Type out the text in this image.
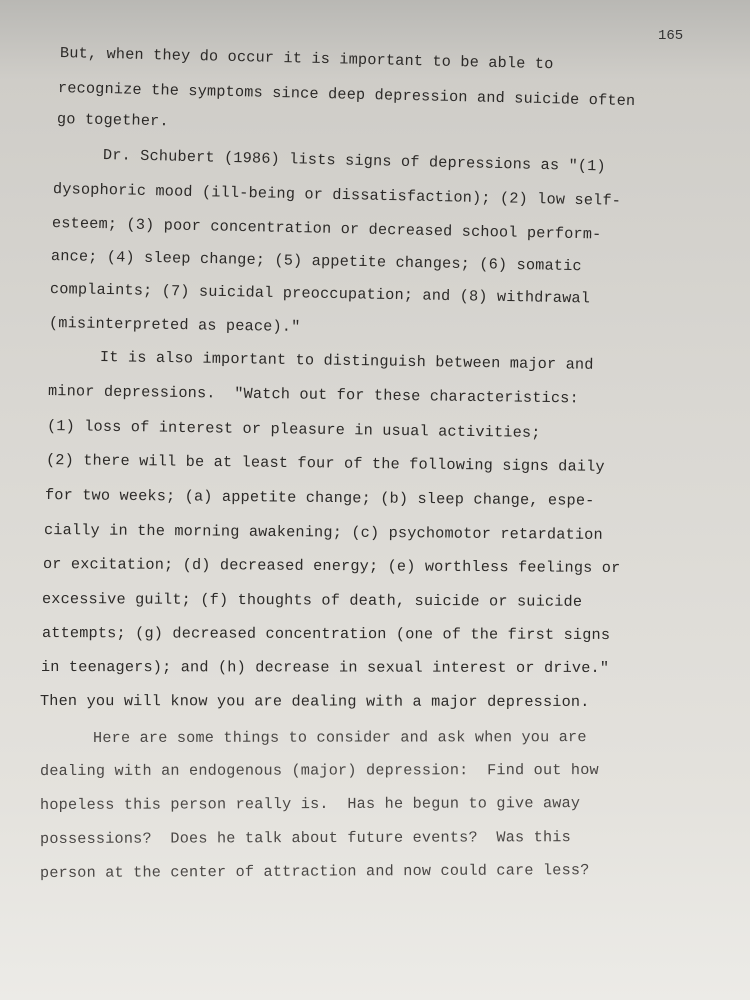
165
But, when they do occur it is important to be able to
recognize the symptoms since deep depression and suicide often
go together.
Dr. Schubert (1986) lists signs of depressions as "(1)
dysophoric mood (ill-being or dissatisfaction); (2) low self-
esteem; (3) poor concentration or decreased school perform-
ance; (4) sleep change; (5) appetite changes; (6) somatic
complaints; (7) suicidal preoccupation; and (8) withdrawal
(misinterpreted as peace)."
It is also important to distinguish between major and
minor depressions.  "Watch out for these characteristics:
(1) loss of interest or pleasure in usual activities;
(2) there will be at least four of the following signs daily
for two weeks; (a) appetite change; (b) sleep change, espe-
cially in the morning awakening; (c) psychomotor retardation
or excitation; (d) decreased energy; (e) worthless feelings or
excessive guilt; (f) thoughts of death, suicide or suicide
attempts; (g) decreased concentration (one of the first signs
in teenagers); and (h) decrease in sexual interest or drive."
Then you will know you are dealing with a major depression.
Here are some things to consider and ask when you are
dealing with an endogenous (major) depression:  Find out how
hopeless this person really is.  Has he begun to give away
possessions?  Does he talk about future events?  Was this
person at the center of attraction and now could care less?
